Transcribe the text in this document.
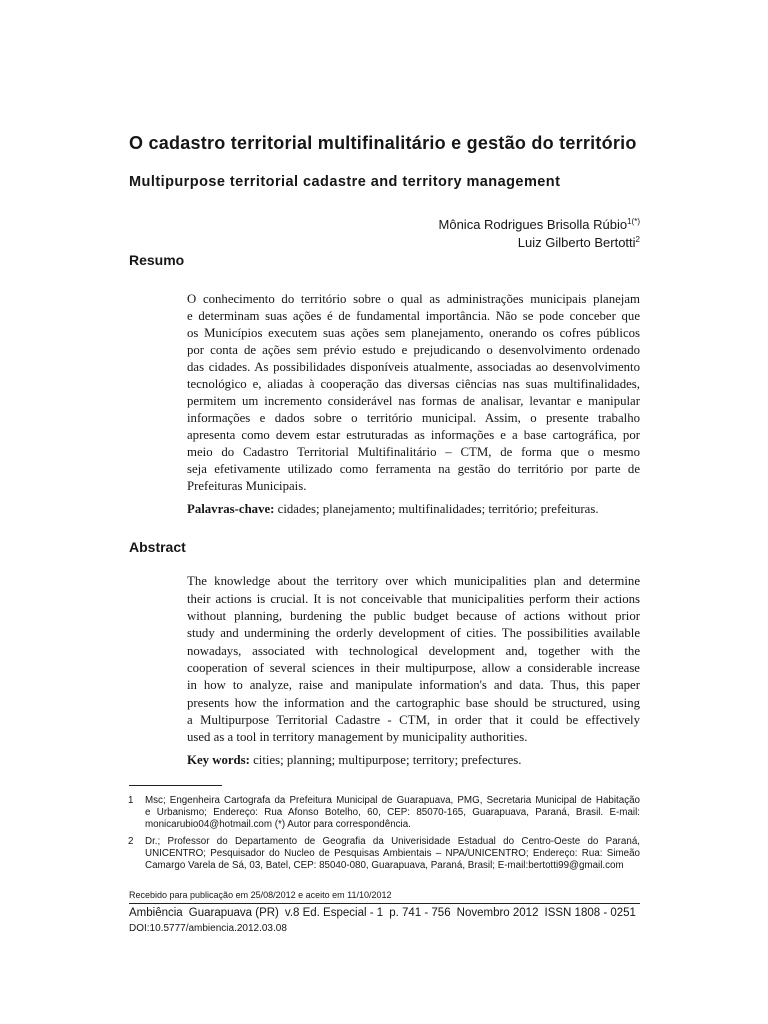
O cadastro territorial multifinalitário e gestão do território
Multipurpose territorial cadastre and territory management
Mônica Rodrigues Brisolla Rúbio$^{1(*)}$
Luiz Gilberto Bertotti$^2$
Resumo
O conhecimento do território sobre o qual as administrações municipais planejam
e determinam suas ações é de fundamental importância. Não se pode conceber que
os Municípios executem suas ações sem planejamento, onerando os cofres públicos
por conta de ações sem prévio estudo e prejudicando o desenvolvimento ordenado
das cidades. As possibilidades disponíveis atualmente, associadas ao desenvolvimento
tecnológico e, aliadas à cooperação das diversas ciências nas suas multifinalidades,
permitem um incremento considerável nas formas de analisar, levantar e manipular
informações e dados sobre o território municipal. Assim, o presente trabalho
apresenta como devem estar estruturadas as informações e a base cartográfica, por
meio do Cadastro Territorial Multifinalitário – CTM, de forma que o mesmo
seja efetivamente utilizado como ferramenta na gestão do território por parte de
Prefeituras Municipais.
Palavras-chave: cidades; planejamento; multifinalidades; território; prefeituras.
Abstract
The knowledge about the territory over which municipalities plan and determine
their actions is crucial. It is not conceivable that municipalities perform their actions
without planning, burdening the public budget because of actions without prior
study and undermining the orderly development of cities. The possibilities available
nowadays, associated with technological development and, together with the
cooperation of several sciences in their multipurpose, allow a considerable increase
in how to analyze, raise and manipulate information's and data. Thus, this paper
presents how the information and the cartographic base should be structured, using
a Multipurpose Territorial Cadastre - CTM, in order that it could be effectively
used as a tool in territory management by municipality authorities.
Key words: cities; planning; multipurpose; territory; prefectures.
1 Msc; Engenheira Cartografa da Prefeitura Municipal de Guarapuava, PMG, Secretaria Municipal de Habitação
e Urbanismo; Endereço: Rua Afonso Botelho, 60, CEP: 85070-165, Guarapuava, Paraná, Brasil. E-mail:
monicarubio04@hotmail.com (*) Autor para correspondência.
2 Dr.; Professor do Departamento de Geografia da Univerisidade Estadual do Centro-Oeste do Paraná,
UNICENTRO; Pesquisador do Nucleo de Pesquisas Ambientais – NPA/UNICENTRO; Endereço: Rua: Simeão
Camargo Varela de Sá, 03, Batel, CEP: 85040-080, Guarapuava, Paraná, Brasil; E-mail:bertotti99@gmail.com
Recebido para publicação em 25/08/2012 e aceito em 11/10/2012
Ambiência Guarapuava (PR) v.8 Ed. Especial - 1 p. 741 - 756 Novembro 2012 ISSN 1808 - 0251
DOI:10.5777/ambiencia.2012.03.08
